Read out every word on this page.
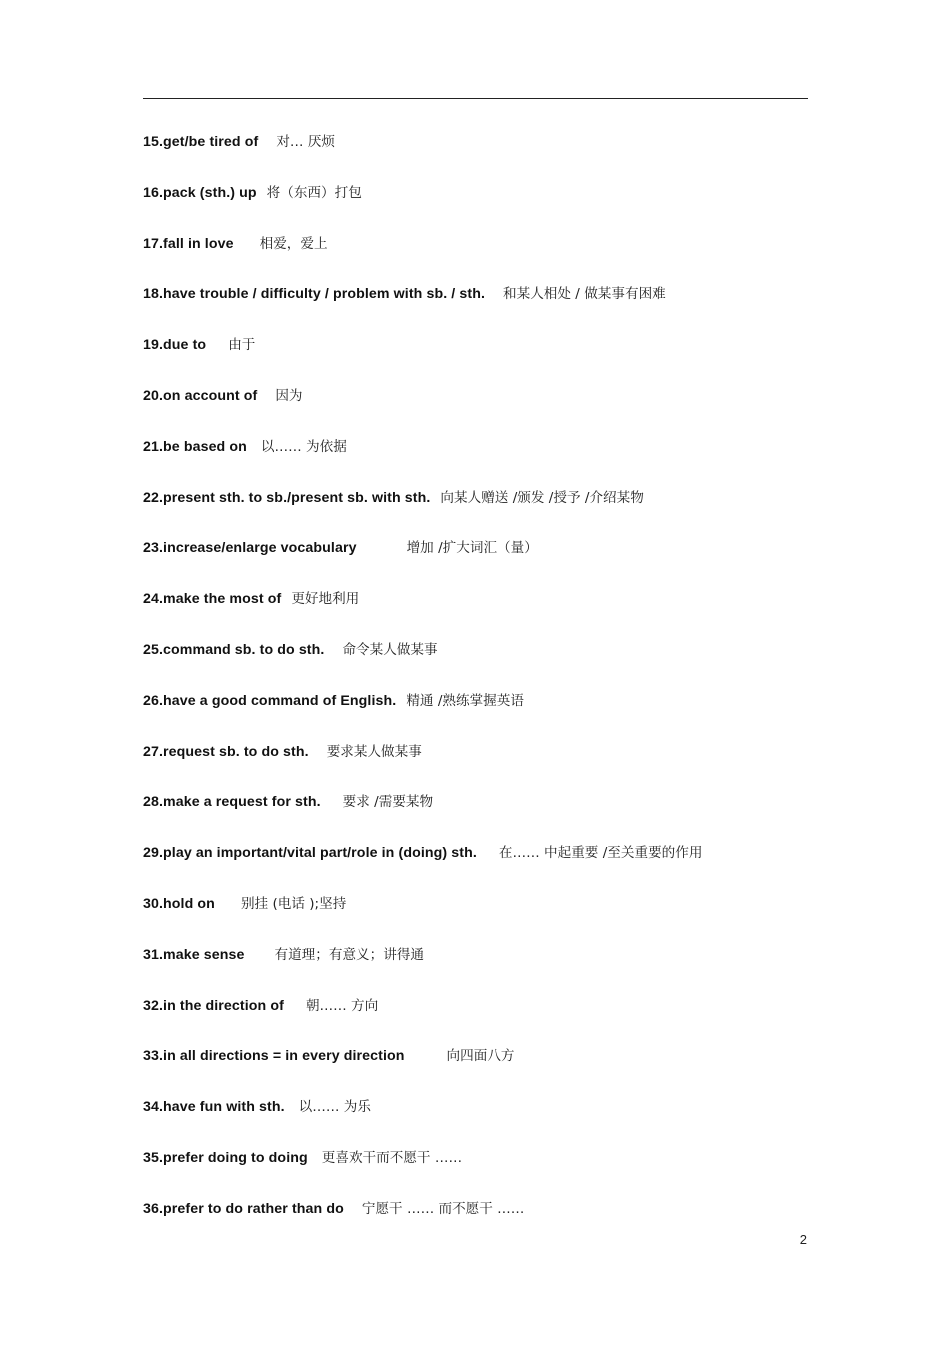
15.get/be tired of 对… 厌烦
16.pack (sth.) up 将（东西）打包
17.fall in love 相爱，爱上
18.have trouble / difficulty / problem with sb. / sth. 和某人相处 / 做某事有困难
19.due to 由于
20.on account of 因为
21.be based on 以…… 为依据
22.present sth. to sb./present sb. with sth. 向某人赠送 /颁发 /授予 /介绍某物
23.increase/enlarge vocabulary	增加 /扩大词汇（量）
24.make the most of 更好地利用
25.command sb. to do sth. 命令某人做某事
26.have a good command of English. 精通 /熟练掌握英语
27.request sb. to do sth. 要求某人做某事
28.make a request for sth. 要求 /需要某物
29.play an important/vital part/role in (doing) sth. 在…… 中起重要 /至关重要的作用
30.hold on 别挂 (电话 );坚持
31.make sense 有道理；有意义；讲得通
32.in the direction of 朝…… 方向
33.in all directions = in every direction	向四面八方
34.have fun with sth. 以…… 为乐
35.prefer doing to doing 更喜欢干而不愿干 ……
36.prefer to do rather than do 宁愿干 …… 而不愿干 ……
2
